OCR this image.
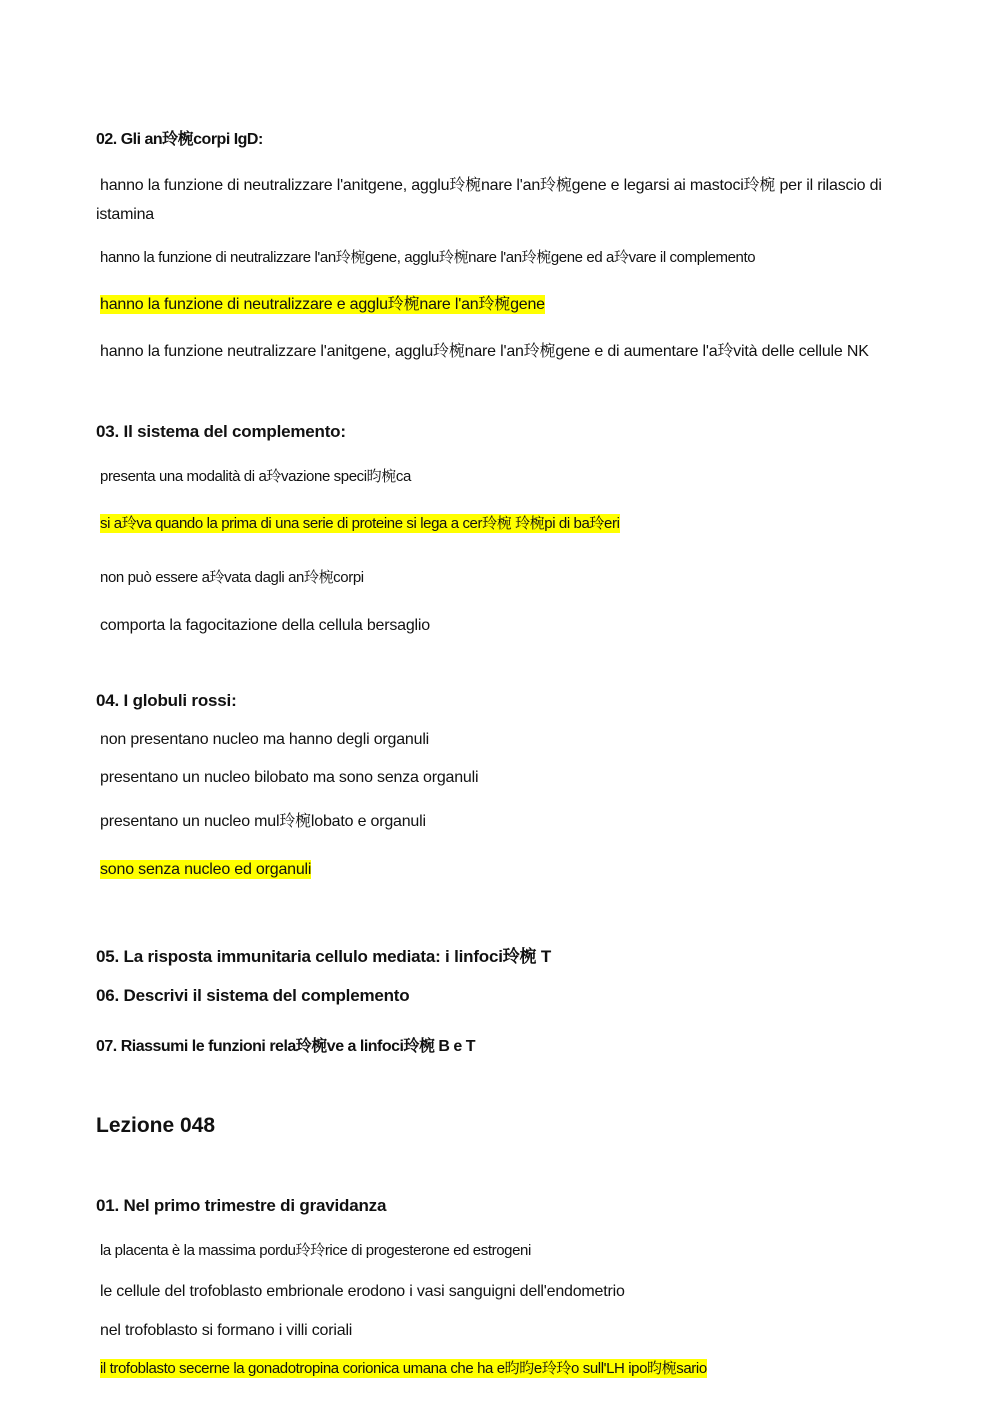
02. Gli an玲椀corpi IgD:
hanno la funzione di neutralizzare l'anitgene, agglu玲椀nare l'an玲椀gene e legarsi ai mastoci玲椀 per il rilascio di istamina
hanno la funzione di neutralizzare l'an玲椀gene, agglu玲椀nare l'an玲椀gene ed a玲vare il complemento
hanno la funzione di neutralizzare e agglu玲椀nare l'an玲椀gene
hanno la funzione neutralizzare l'anitgene, agglu玲椀nare l'an玲椀gene e di aumentare l'a玲vità delle cellule NK
03. Il sistema del complemento:
presenta una modalità di a玲vazione speci昀椀ca
si a玲va quando la prima di una serie di proteine si lega a cer玲椀 玲椀pi di ba玲eri
non può essere a玲vata dagli an玲椀corpi
comporta la fagocitazione della cellula bersaglio
04. I globuli rossi:
non presentano nucleo ma hanno degli organuli
presentano un nucleo bilobato ma sono senza organuli
presentano un nucleo mul玲椀lobato e organuli
sono senza nucleo ed organuli
05. La risposta immunitaria cellulo mediata: i linfoci玲椀 T
06. Descrivi il sistema del complemento
07. Riassumi le funzioni rela玲椀ve a linfoci玲椀 B e T
Lezione 048
01. Nel primo trimestre di gravidanza
la placenta è la massima pordu玲玲rice di progesterone ed estrogeni
le cellule del trofoblasto embrionale erodono i vasi sanguigni dell'endometrio
nel trofoblasto si formano i villi coriali
il trofoblasto secerne la gonadotropina corionica umana che ha e昀昀e玲玲o sull'LH ipo昀椀sario
